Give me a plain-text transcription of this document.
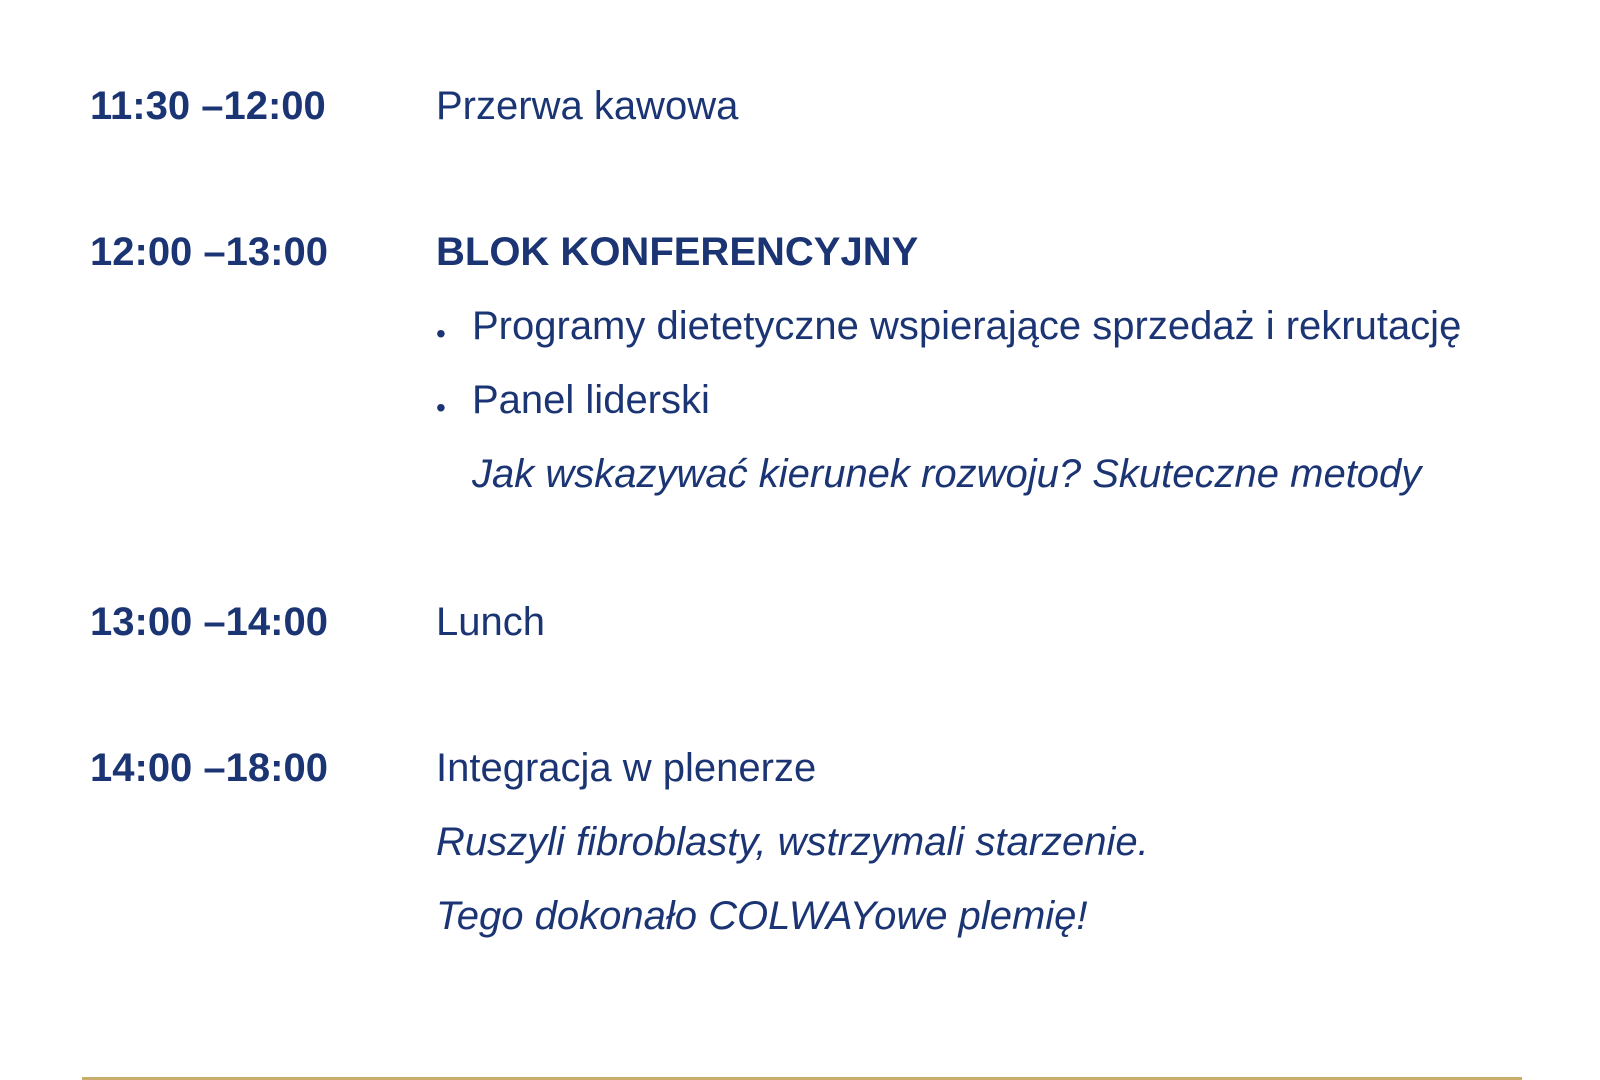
11:30 –12:00	Przerwa kawowa
12:00 –13:00	BLOK KONFERENCYJNY
• Programy dietetyczne wspierające sprzedaż i rekrutację
• Panel liderski
Jak wskazywać kierunek rozwoju? Skuteczne metody
13:00 –14:00	Lunch
14:00 –18:00	Integracja w plenerze
Ruszyli fibroblasty, wstrzymali starzenie.
Tego dokonało COLWAYowe plemię!
